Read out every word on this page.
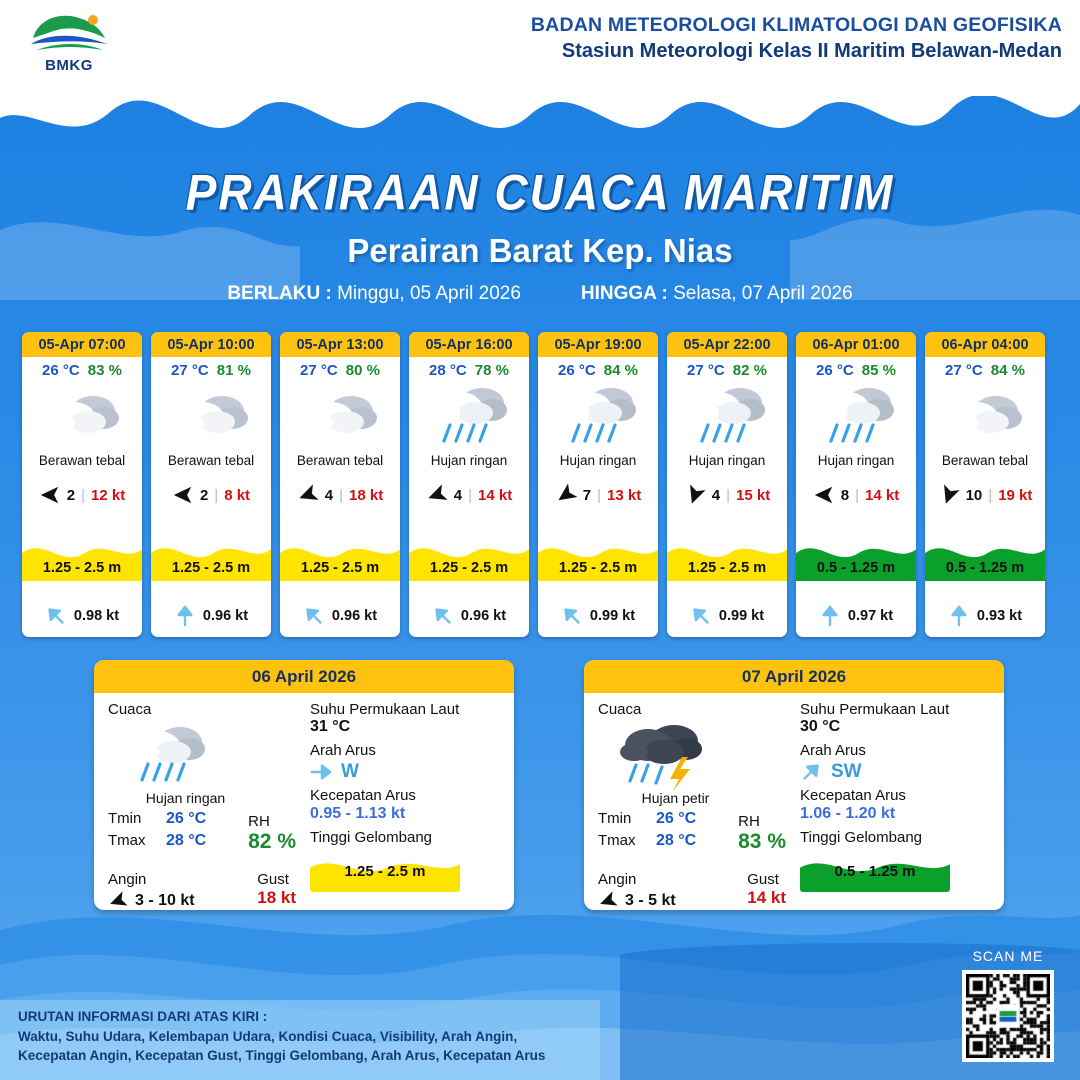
BMKG
BADAN METEOROLOGI KLIMATOLOGI DAN GEOFISIKA
Stasiun Meteorologi Kelas II Maritim Belawan-Medan
PRAKIRAAN CUACA MARITIM
Perairan Barat Kep. Nias
BERLAKU : Minggu, 05 April 2026	HINGGA : Selasa, 07 April 2026
05-Apr 07:00
26 °C 83 %
Berawan tebal
2 | 12 kt
1.25 - 2.5 m
0.98 kt
05-Apr 10:00
27 °C 81 %
Berawan tebal
2 | 8 kt
1.25 - 2.5 m
0.96 kt
05-Apr 13:00
27 °C 80 %
Berawan tebal
4 | 18 kt
1.25 - 2.5 m
0.96 kt
05-Apr 16:00
28 °C 78 %
Hujan ringan
4 | 14 kt
1.25 - 2.5 m
0.96 kt
05-Apr 19:00
26 °C 84 %
Hujan ringan
7 | 13 kt
1.25 - 2.5 m
0.99 kt
05-Apr 22:00
27 °C 82 %
Hujan ringan
4 | 15 kt
1.25 - 2.5 m
0.99 kt
06-Apr 01:00
26 °C 85 %
Hujan ringan
8 | 14 kt
0.5 - 1.25 m
0.97 kt
06-Apr 04:00
27 °C 84 %
Berawan tebal
10 | 19 kt
0.5 - 1.25 m
0.93 kt
06 April 2026
Cuaca
Hujan ringan
Tmin	26 °C
Tmax	28 °C
Angin
3 - 10 kt
RH
82 %
Gust
18 kt
Suhu Permukaan Laut
31 °C
Arah Arus
W
Kecepatan Arus
0.95 - 1.13 kt
Tinggi Gelombang
1.25 - 2.5 m
07 April 2026
Cuaca
Hujan petir
Tmin	26 °C
Tmax	28 °C
Angin
3 - 5 kt
RH
83 %
Gust
14 kt
Suhu Permukaan Laut
30 °C
Arah Arus
SW
Kecepatan Arus
1.06 - 1.20 kt
Tinggi Gelombang
0.5 - 1.25 m
URUTAN INFORMASI DARI ATAS KIRI :
Waktu, Suhu Udara, Kelembapan Udara, Kondisi Cuaca, Visibility, Arah Angin,
Kecepatan Angin, Kecepatan Gust, Tinggi Gelombang, Arah Arus, Kecepatan Arus
SCAN ME
